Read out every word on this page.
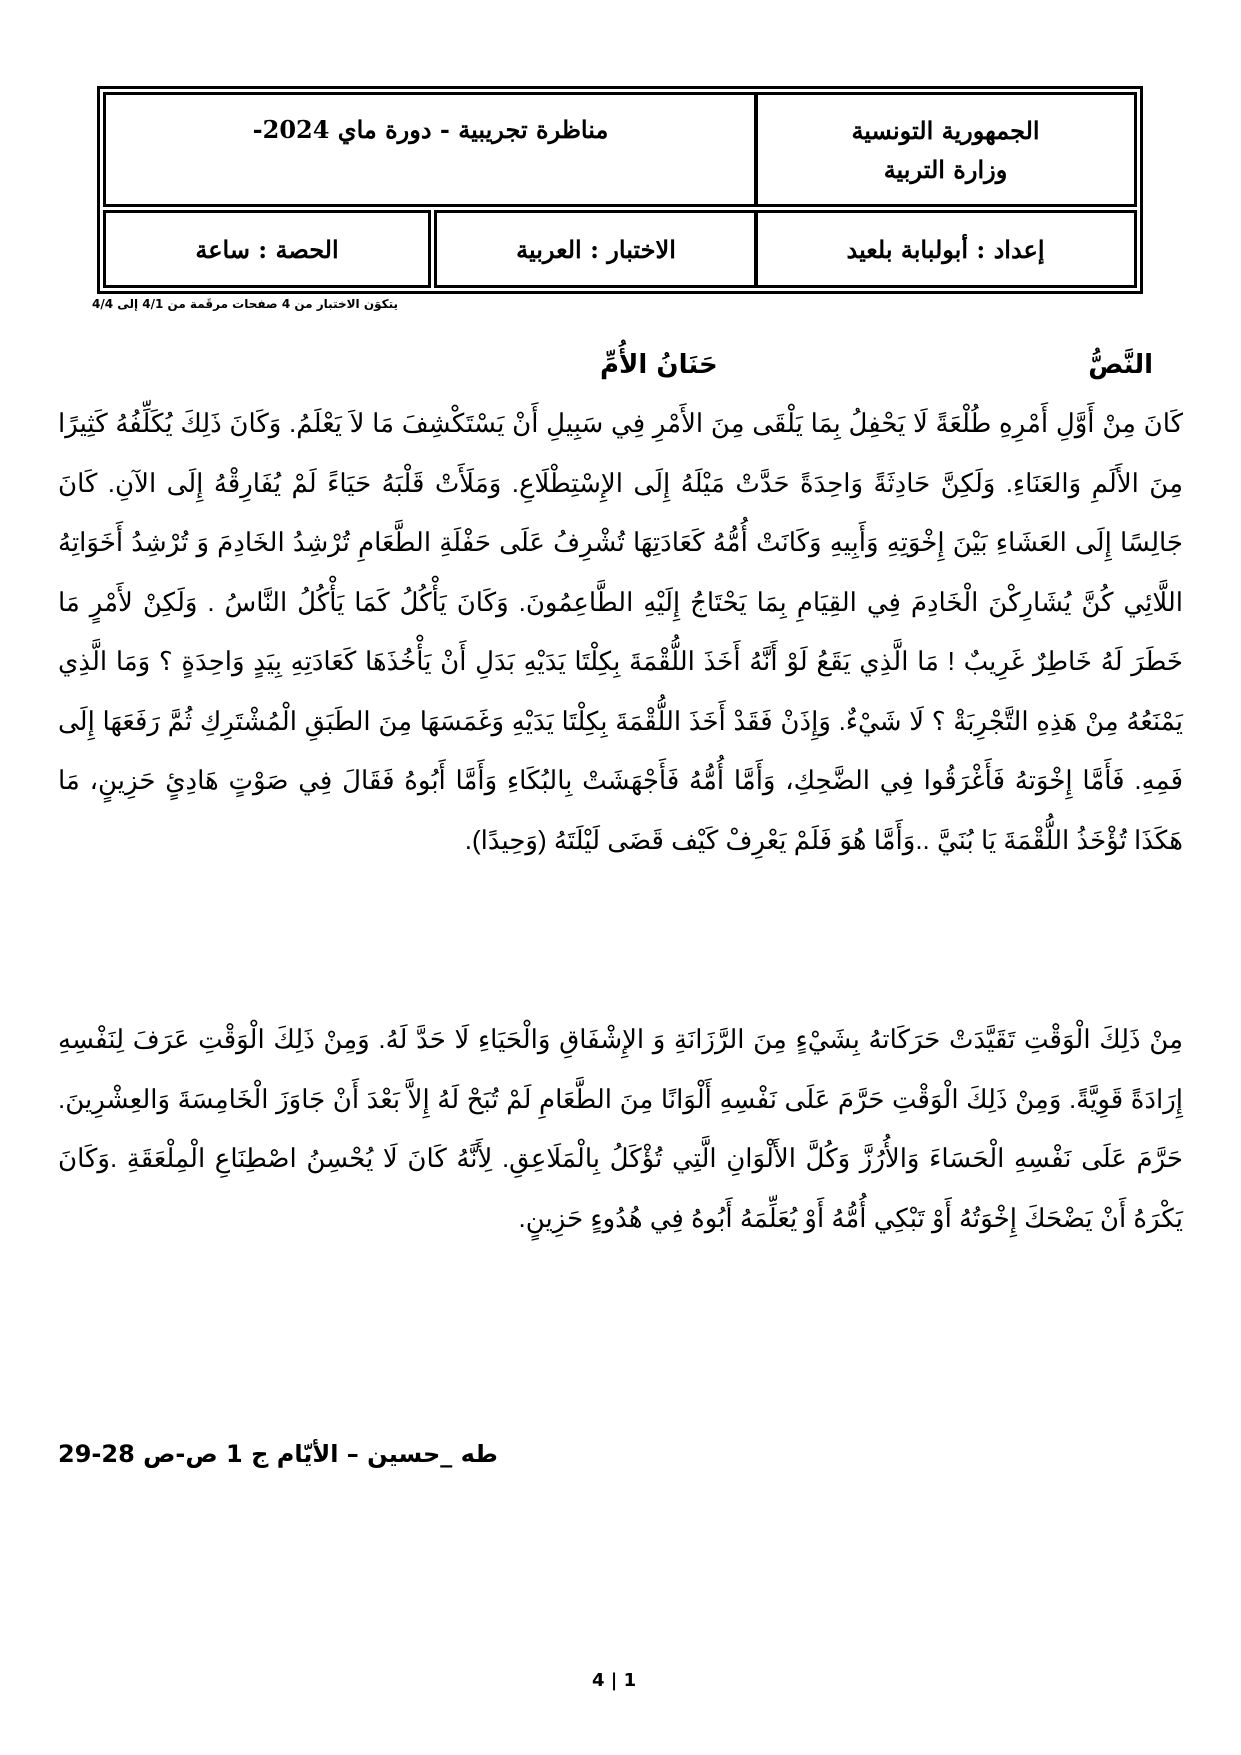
الجمهورية التونسية
وزارة التربية
مناظرة تجريبية - دورة ماي 2024-
إعداد : أبولبابة بلعيد
الاختبار : العربية
الحصة : ساعة
يتكوَن الاختبار من 4 صفحات مرقَمة من 4/1 إلى 4/4
النَّصُّ
حَنَانُ الأُمِّ
كَانَ مِنْ أَوَّلِ أَمْرِهِ طُلْعَةً لَا يَحْفِلُ بِمَا يَلْقَى مِنَ الأَمْرِ فِي سَبِيلِ أَنْ يَسْتَكْشِفَ مَا لاَ يَعْلَمُ. وَكَانَ ذَلِكَ يُكَلِّفُهُ كَثِيرًا مِنَ الأَلَمِ وَالعَنَاءِ. وَلَكِنَّ حَادِثَةً وَاحِدَةً حَدَّتْ مَيْلَهُ إِلَى الإِسْتِطْلَاعِ. وَمَلَأَتْ قَلْبَهُ حَيَاءً لَمْ يُفَارِقْهُ إِلَى الآنِ. كَانَ جَالِسًا إِلَى العَشَاءِ بَيْنَ إِخْوَتِهِ وَأَبِيهِ وَكَانَتْ أُمُّهُ كَعَادَتِهَا تُشْرِفُ عَلَى حَفْلَةِ الطَّعَامِ تُرْشِدُ الخَادِمَ وَ تُرْشِدُ أَخَوَاتِهُ اللَّائِي كُنَّ يُشَارِكْنَ الْخَادِمَ فِي القِيَامِ بِمَا يَحْتَاجُ إِلَيْهِ الطَّاعِمُونَ. وَكَانَ يَأْكُلُ كَمَا يَأْكُلُ النَّاسُ . وَلَكِنْ لأَمْرٍ مَا خَطَرَ لَهُ خَاطِرٌ غَرِيبٌ ! مَا الَّذِي يَقَعُ لَوْ أَنَّهُ أَخَذَ اللُّقْمَةَ بِكِلْتَا يَدَيْهِ بَدَلِ أَنْ يَأْخُذَهَا كَعَادَتِهِ بِيَدٍ وَاحِدَةٍ ؟ وَمَا الَّذِي يَمْنَعُهُ مِنْ هَذِهِ التَّجْرِبَةْ ؟ لَا شَيْءٌ. وَإِذَنْ فَقَدْ أَخَذَ اللُّقْمَةَ بِكِلْتَا يَدَيْهِ وَغَمَسَهَا مِنَ الطَبَقِ الْمُشْتَرِكِ ثُمَّ رَفَعَهَا إِلَى فَمِهِ. فَأَمَّا إِخْوَتهُ فَأَغْرَقُوا فِي الضَّحِكِ، وَأَمَّا أُمُّهُ فَأَجْهَشَتْ بِالبُكَاءِ وَأَمَّا أَبُوهُ فَقَالَ فِي صَوْتٍ هَادِئٍ حَزِينٍ، مَا هَكَذَا تُؤْخَذُ اللُّقْمَةَ يَا بُنَيَّ ..وَأَمَّا هُوَ فَلَمْ يَعْرِفْ كَيْف قَضَى لَيْلَتَهُ (وَحِيدًا).
مِنْ ذَلِكَ الْوَقْتِ تَقَيَّدَتْ حَرَكَاتهُ بِشَيْءٍ مِنَ الرَّزَانَةِ وَ الإِشْفَاقِ وَالْحَيَاءِ لَا حَدَّ لَهُ. وَمِنْ ذَلِكَ الْوَقْتِ عَرَفَ لِنَفْسِهِ إِرَادَةً قَوِيَّةً. وَمِنْ ذَلِكَ الْوَقْتِ حَرَّمَ عَلَى نَفْسِهِ أَلْوَانًا مِنَ الطَّعَامِ لَمْ تُبَحْ لَهُ إِلاَّ بَعْدَ أَنْ جَاوَزَ الْخَامِسَةَ وَالعِشْرِينَ. حَرَّمَ عَلَى نَفْسِهِ الْحَسَاءَ وَالأُرُزَّ وَكُلَّ الأَلْوَانِ الَّتِي تُؤْكَلُ بِالْمَلَاعِقِ. لِأَنَّهُ كَانَ لَا يُحْسِنُ اصْطِنَاعِ الْمِلْعَقَةِ .وَكَانَ يَكْرَهُ أَنْ يَضْحَكَ إِخْوَتُهُ أَوْ تَبْكِي أُمُّهُ أَوْ يُعَلِّمَهُ أَبُوهُ فِي هُدُوءٍ حَزِينٍ.
طه _حسين – الأيّام ج 1 ص-ص 28-29
4 | 1
